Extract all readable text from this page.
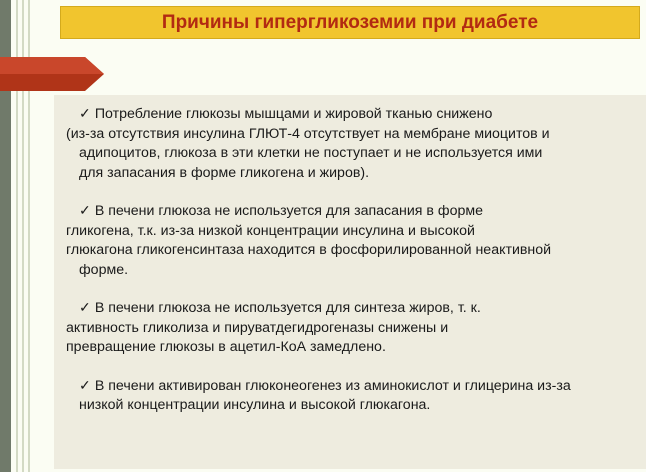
Причины гипергликоземии при диабете
✓ Потребление глюкозы мышцами и жировой тканью снижено
(из-за отсутствия инсулина ГЛЮТ-4 отсутствует на мембране миоцитов и
адипоцитов, глюкоза в эти клетки не поступает и не используется ими
для запасания в форме гликогена и жиров).
✓ В печени глюкоза не используется для запасания в форме
гликогена, т.к. из-за низкой концентрации инсулина и высокой
глюкагона гликогенсинтаза находится в фосфорилированной неактивной
форме.
✓ В печени глюкоза не используется для синтеза жиров, т. к.
активность гликолиза и пируватдегидрогеназы снижены и
превращение глюкозы в ацетил-КоА замедлено.
✓ В печени активирован глюконеогенез из аминокислот и глицерина из-за
низкой концентрации инсулина и высокой глюкагона.
